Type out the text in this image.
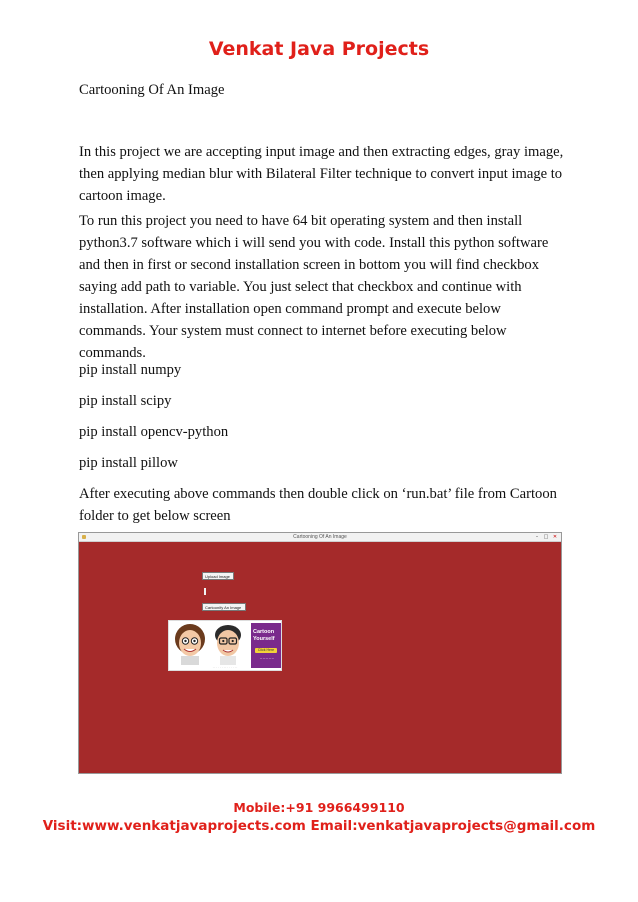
Venkat Java Projects
Cartooning Of An Image

In this project we are accepting input image and then extracting edges, gray image, then applying median blur with Bilateral Filter technique to convert input image to cartoon image.

To run this project you need to have 64 bit operating system and then install python3.7 software which i will send you with code. Install this python software and then in first or second installation screen in bottom you will find checkbox saying add path to variable. You just select that checkbox and continue with installation. After installation open command prompt and execute below commands. Your system must connect to internet before executing below commands.

pip install numpy
pip install scipy
pip install opencv-python
pip install pillow

After executing above commands then double click on ‘run.bat’ file from Cartoon folder to get below screen

Cartooning Of An Image	–	□ ✕
Upload Image
Cartoonify An Image
Cartoon Yourself
Click Here
~~~~~
· · · · · · · · · · · · · ·
Mobile:+91 9966499110
Visit:www.venkatjavaprojects.com Email:venkatjavaprojects@gmail.com
